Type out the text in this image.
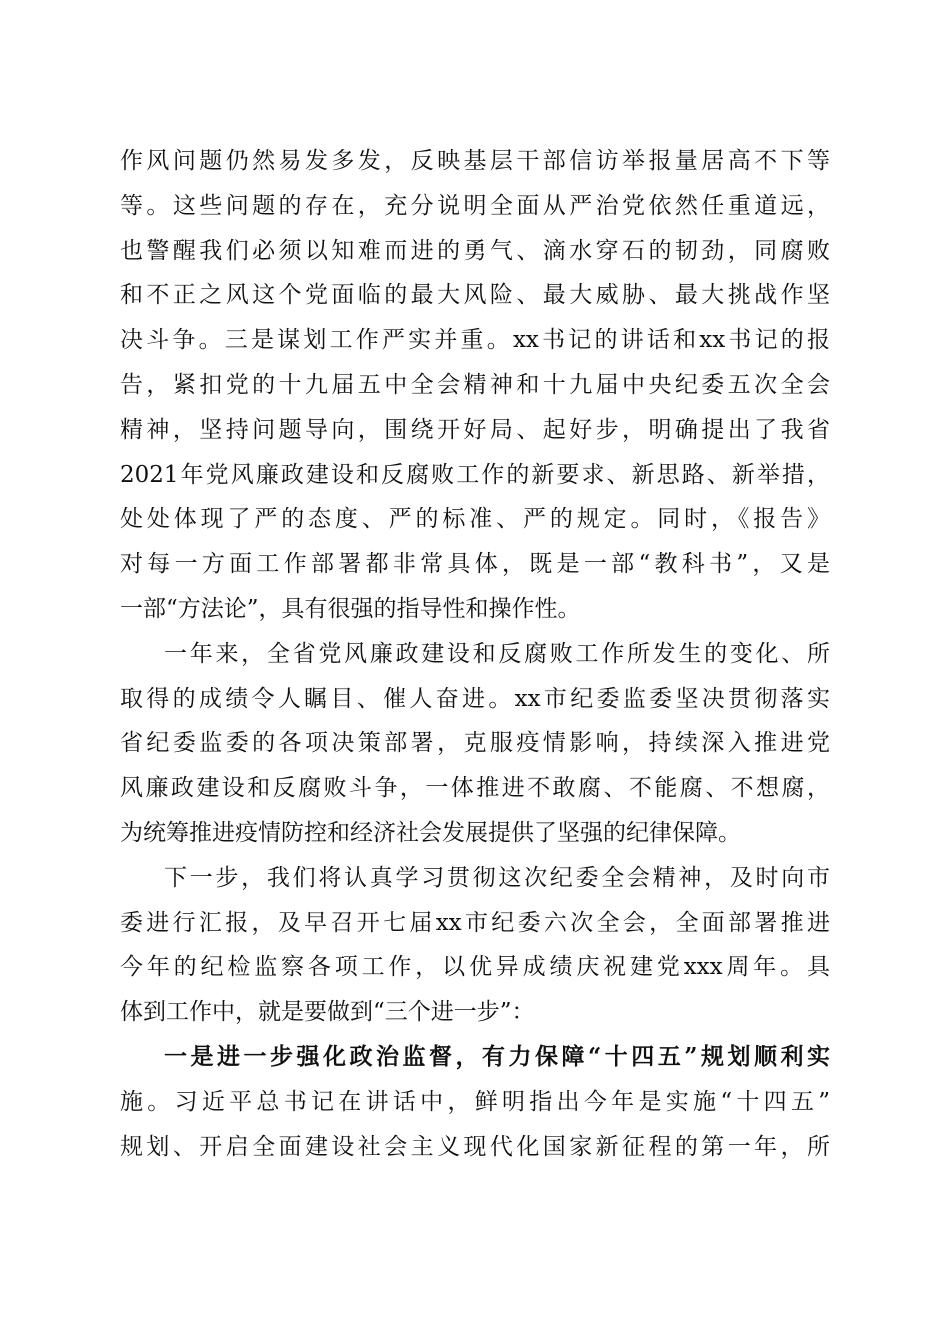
作风问题仍然易发多发，反映基层干部信访举报量居高不下等
等。这些问题的存在，充分说明全面从严治党依然任重道远，
也警醒我们必须以知难而进的勇气、滴水穿石的韧劲，同腐败
和不正之风这个党面临的最大风险、最大威胁、最大挑战作坚
决斗争。三是谋划工作严实并重。xx书记的讲话和xx书记的报
告，紧扣党的十九届五中全会精神和十九届中央纪委五次全会
精神，坚持问题导向，围绕开好局、起好步，明确提出了我省
2021年党风廉政建设和反腐败工作的新要求、新思路、新举措，
处处体现了严的态度、严的标准、严的规定。同时，《报告》
对每一方面工作部署都非常具体，既是一部“教科书”，又是
一部“方法论”，具有很强的指导性和操作性。
一年来，全省党风廉政建设和反腐败工作所发生的变化、所
取得的成绩令人瞩目、催人奋进。xx市纪委监委坚决贯彻落实
省纪委监委的各项决策部署，克服疫情影响，持续深入推进党
风廉政建设和反腐败斗争，一体推进不敢腐、不能腐、不想腐，
为统筹推进疫情防控和经济社会发展提供了坚强的纪律保障。
下一步，我们将认真学习贯彻这次纪委全会精神，及时向市
委进行汇报，及早召开七届xx市纪委六次全会，全面部署推进
今年的纪检监察各项工作，以优异成绩庆祝建党xxx周年。具
体到工作中，就是要做到“三个进一步”：
一是进一步强化政治监督，有力保障“十四五”规划顺利实
施。习近平总书记在讲话中，鲜明指出今年是实施“十四五”
规划、开启全面建设社会主义现代化国家新征程的第一年，所
